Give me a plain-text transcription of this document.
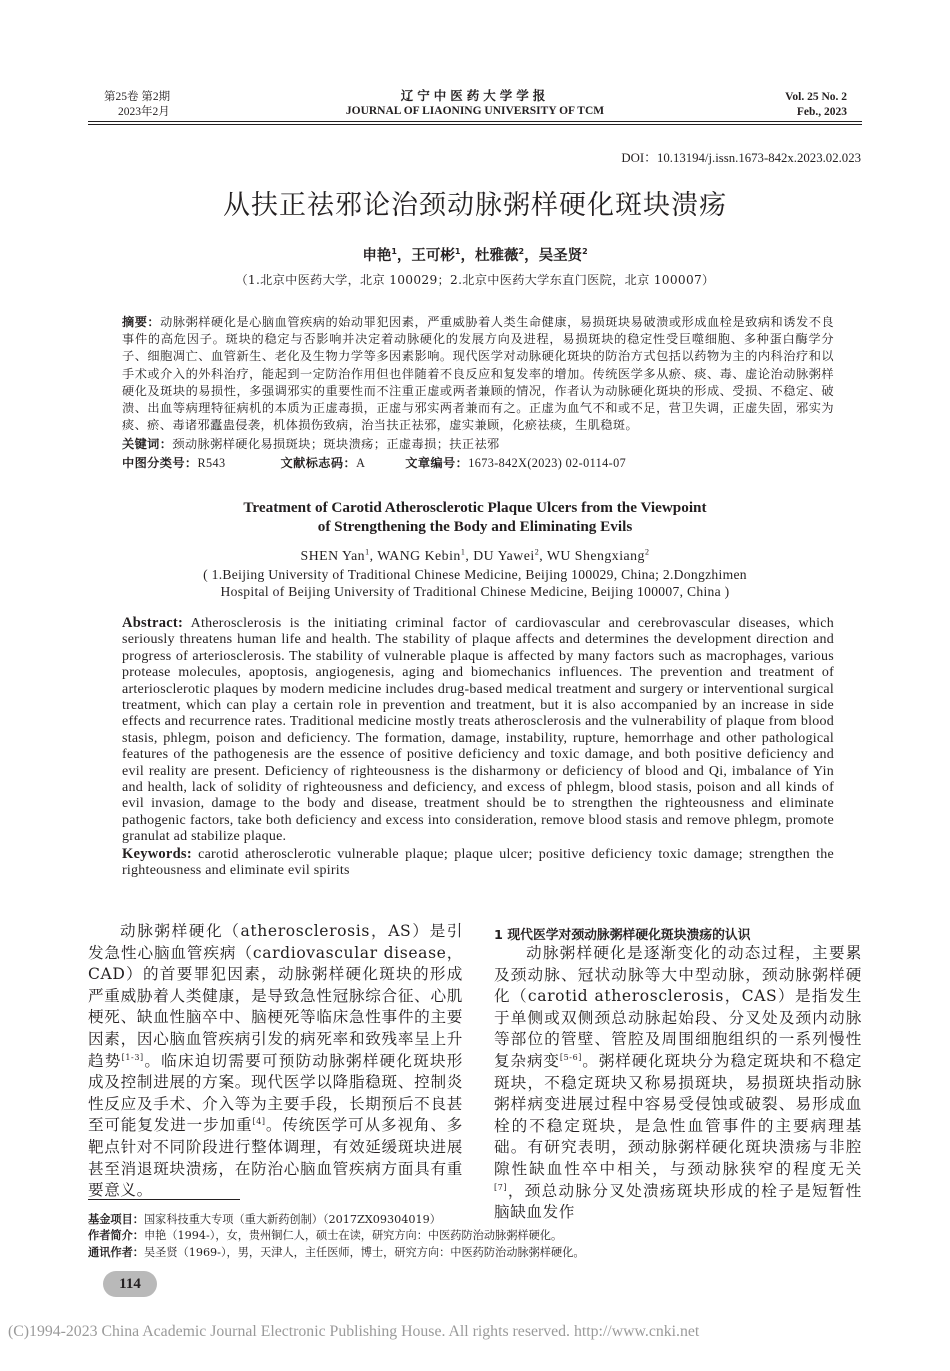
第25卷 第2期
2023年2月
辽宁中医药大学学报
JOURNAL OF LIAONING UNIVERSITY OF TCM
Vol. 25 No. 2
Feb., 2023
DOI：10.13194/j.issn.1673-842x.2023.02.023
从扶正祛邪论治颈动脉粥样硬化斑块溃疡
申艳$^1$，王可彬$^1$，杜雅薇$^2$，吴圣贤$^2$
（1.北京中医药大学，北京 100029；2.北京中医药大学东直门医院，北京 100007）

摘要：动脉粥样硬化是心脑血管疾病的始动罪犯因素，严重威胁着人类生命健康，易损斑块易破溃或形成血栓是致病和诱发不良事件的高危因子。斑块的稳定与否影响并决定着动脉硬化的发展方向及进程，易损斑块的稳定性受巨噬细胞、多种蛋白酶学分子、细胞凋亡、血管新生、老化及生物力学等多因素影响。现代医学对动脉硬化斑块的防治方式包括以药物为主的内科治疗和以手术或介入的外科治疗，能起到一定防治作用但也伴随着不良反应和复发率的增加。传统医学多从瘀、痰、毒、虚论治动脉粥样硬化及斑块的易损性，多强调邪实的重要性而不注重正虚或两者兼顾的情况，作者认为动脉硬化斑块的形成、受损、不稳定、破溃、出血等病理特征病机的本质为正虚毒损，正虚与邪实两者兼而有之。正虚为血气不和或不足，营卫失调，正虚失固，邪实为痰、瘀、毒诸邪蠹蛊侵袭，机体损伤致病，治当扶正祛邪，虚实兼顾，化瘀祛痰，生肌稳斑。

关键词：颈动脉粥样硬化易损斑块；斑块溃疡；正虚毒损；扶正祛邪

中图分类号：R543	文献标志码：A	文章编号：1673-842X(2023) 02-0114-07

Treatment of Carotid Atherosclerotic Plaque Ulcers from the Viewpoint
of Strengthening the Body and Eliminating Evils
SHEN Yan$^1$, WANG Kebin$^1$, DU Yawei$^2$, WU Shengxiang$^2$
( 1.Beijing University of Traditional Chinese Medicine, Beijing 100029, China; 2.Dongzhimen
Hospital of Beijing University of Traditional Chinese Medicine, Beijing 100007, China )

Abstract: Atherosclerosis is the initiating criminal factor of cardiovascular and cerebrovascular diseases, which seriously threatens human life and health. The stability of plaque affects and determines the development direction and progress of arteriosclerosis. The stability of vulnerable plaque is affected by many factors such as macrophages, various protease molecules, apoptosis, angiogenesis, aging and biomechanics influences. The prevention and treatment of arteriosclerotic plaques by modern medicine includes drug-based medical treatment and surgery or interventional surgical treatment, which can play a certain role in prevention and treatment, but it is also accompanied by an increase in side effects and recurrence rates. Traditional medicine mostly treats atherosclerosis and the vulnerability of plaque from blood stasis, phlegm, poison and deficiency. The formation, damage, instability, rupture, hemorrhage and other pathological features of the pathogenesis are the essence of positive deficiency and toxic damage, and both positive deficiency and evil reality are present. Deficiency of righteousness is the disharmony or deficiency of blood and Qi, imbalance of Yin and health, lack of solidity of righteousness and deficiency, and excess of phlegm, blood stasis, poison and all kinds of evil invasion, damage to the body and disease, treatment should be to strengthen the righteousness and eliminate pathogenic factors, take both deficiency and excess into consideration, remove blood stasis and remove phlegm, promote granulat ad stabilize plaque.

Keywords: carotid atherosclerotic vulnerable plaque; plaque ulcer; positive deficiency toxic damage; strengthen the righteousness and eliminate evil spirits

动脉粥样硬化（atherosclerosis，AS）是引发急性心脑血管疾病（cardiovascular disease，CAD）的首要罪犯因素，动脉粥样硬化斑块的形成严重威胁着人类健康，是导致急性冠脉综合征、心肌梗死、缺血性脑卒中、脑梗死等临床急性事件的主要因素，因心脑血管疾病引发的病死率和致残率呈上升趋势[1-3]。临床迫切需要可预防动脉粥样硬化斑块形成及控制进展的方案。现代医学以降脂稳斑、控制炎性反应及手术、介入等为主要手段，长期预后不良甚至可能复发进一步加重[4]。传统医学可从多视角、多靶点针对不同阶段进行整体调理，有效延缓斑块进展甚至消退斑块溃疡，在防治心脑血管疾病方面具有重要意义。

1 现代医学对颈动脉粥样硬化斑块溃疡的认识

动脉粥样硬化是逐渐变化的动态过程，主要累及颈动脉、冠状动脉等大中型动脉，颈动脉粥样硬化（carotid atherosclerosis，CAS）是指发生于单侧或双侧颈总动脉起始段、分叉处及颈内动脉等部位的管壁、管腔及周围细胞组织的一系列慢性复杂病变[5-6]。粥样硬化斑块分为稳定斑块和不稳定斑块，不稳定斑块又称易损斑块，易损斑块指动脉粥样病变进展过程中容易受侵蚀或破裂、易形成血栓的不稳定斑块，是急性血管事件的主要病理基础。有研究表明，颈动脉粥样硬化斑块溃疡与非腔隙性缺血性卒中相关，与颈动脉狭窄的程度无关[7]，颈总动脉分叉处溃疡斑块形成的栓子是短暂性脑缺血发作

基金项目：国家科技重大专项（重大新药创制）（2017ZX09304019）
作者简介：申艳（1994-），女，贵州铜仁人，硕士在读，研究方向：中医药防治动脉粥样硬化。
通讯作者：吴圣贤（1969-），男，天津人，主任医师，博士，研究方向：中医药防治动脉粥样硬化。
114
(C)1994-2023 China Academic Journal Electronic Publishing House. All rights reserved. http://www.cnki.net
